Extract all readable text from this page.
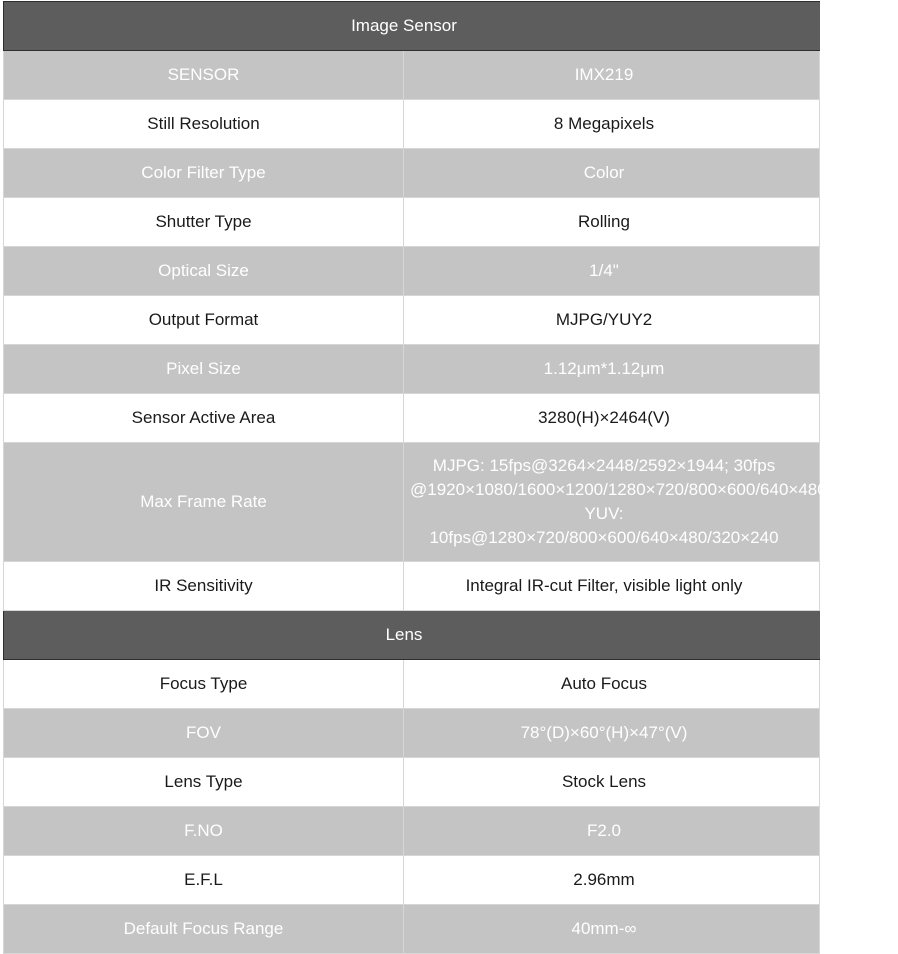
Image Sensor	

SENSOR	IMX219

Still Resolution	8 Megapixels

Color Filter Type	Color

Shutter Type	Rolling

Optical Size	1/4"

Output Format	MJPG/YUY2

Pixel Size	1.12μm*1.12μm

Sensor Active Area	3280(H)×2464(V)

Max Frame Rate	MJPG: 15fps@3264×2448/2592×1944; 30fps
@1920×1080/1600×1200/1280×720/800×600/640×480/320×240
YUV:
10fps@1280×720/800×600/640×480/320×240

IR Sensitivity	Integral IR-cut Filter, visible light only

Lens	

Focus Type	Auto Focus

FOV	78°(D)×60°(H)×47°(V)

Lens Type	Stock Lens

F.NO	F2.0

E.F.L	2.96mm

Default Focus Range	40mm-∞
